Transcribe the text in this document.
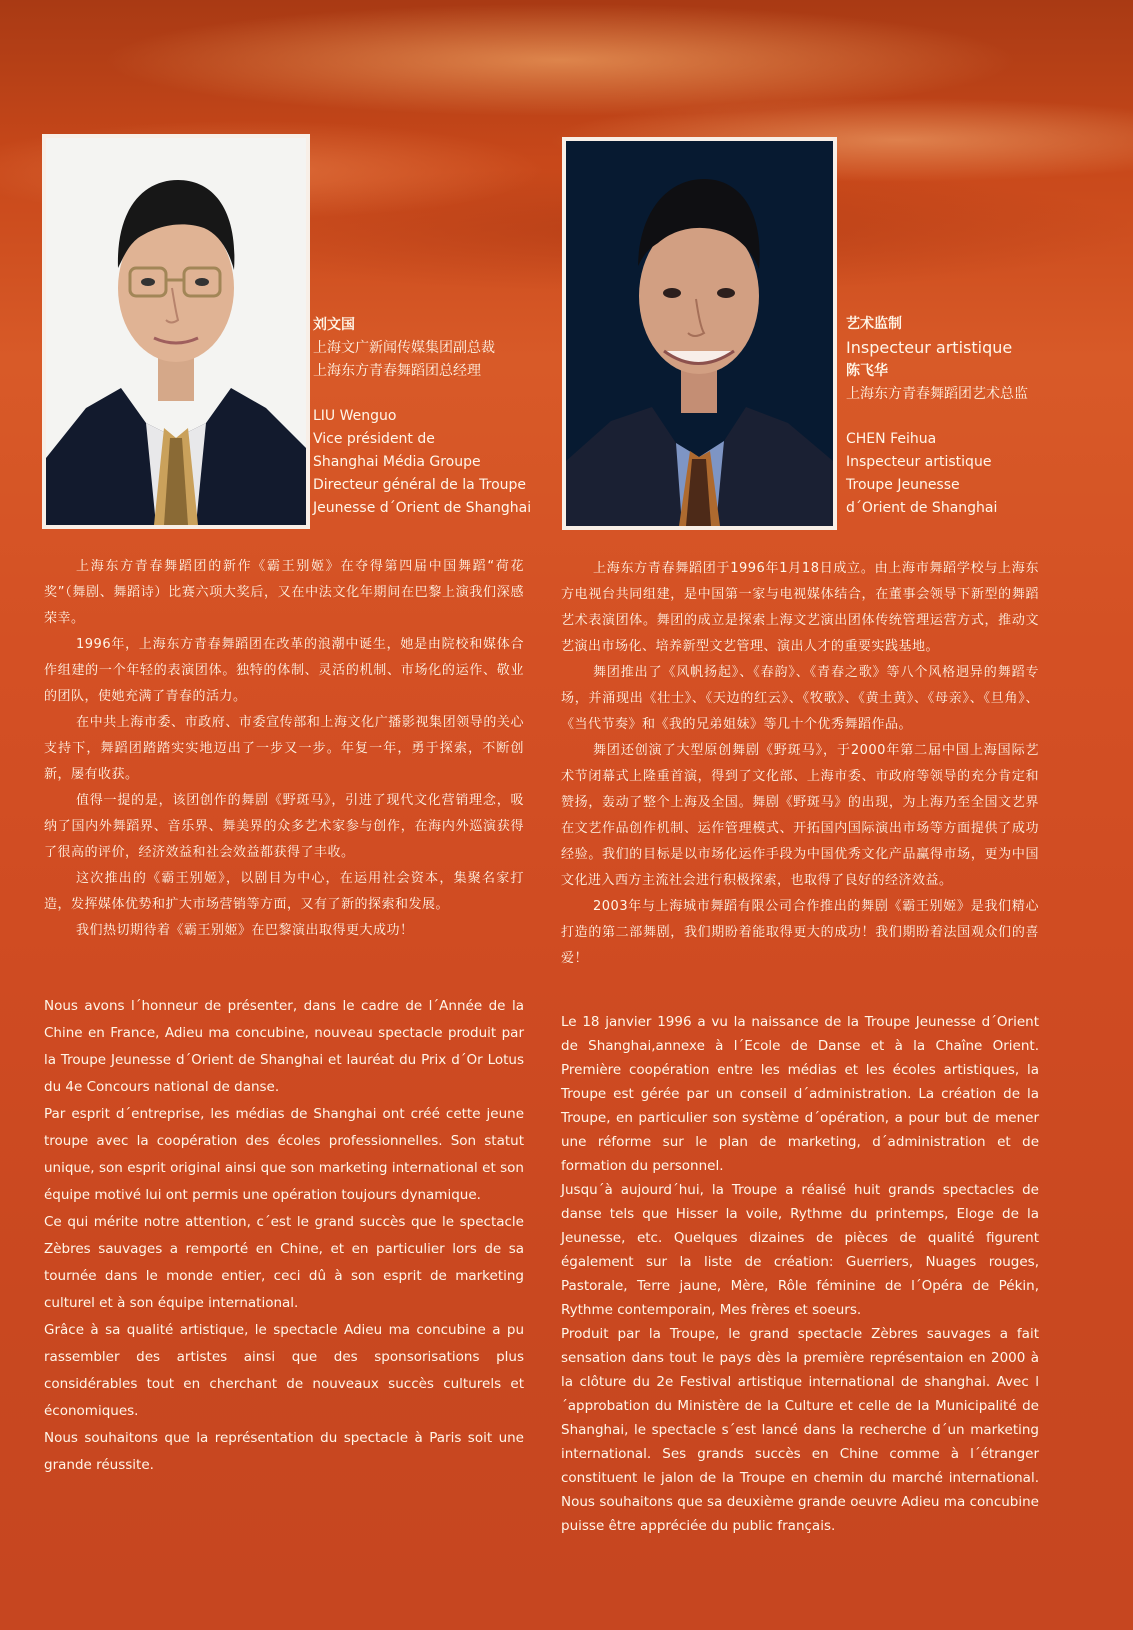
刘文国
上海文广新闻传媒集团副总裁
上海东方青春舞蹈团总经理
LIU Wenguo
Vice président de
Shanghai Média Groupe
Directeur général de la Troupe
Jeunesse d´Orient de Shanghai
艺术监制
Inspecteur artistique
陈飞华
上海东方青春舞蹈团艺术总监
CHEN Feihua
Inspecteur artistique
Troupe Jeunesse
d´Orient de Shanghai

上海东方青春舞蹈团的新作《霸王别姬》在夺得第四届中国舞蹈“荷花奖”（舞剧、舞蹈诗）比赛六项大奖后，又在中法文化年期间在巴黎上演我们深感荣幸。

1996年，上海东方青春舞蹈团在改革的浪潮中诞生，她是由院校和媒体合作组建的一个年轻的表演团体。独特的体制、灵活的机制、市场化的运作、敬业的团队，使她充满了青春的活力。

在中共上海市委、市政府、市委宣传部和上海文化广播影视集团领导的关心支持下，舞蹈团踏踏实实地迈出了一步又一步。年复一年，勇于探索，不断创新，屡有收获。

值得一提的是，该团创作的舞剧《野斑马》，引进了现代文化营销理念，吸纳了国内外舞蹈界、音乐界、舞美界的众多艺术家参与创作，在海内外巡演获得了很高的评价，经济效益和社会效益都获得了丰收。

这次推出的《霸王别姬》，以剧目为中心，在运用社会资本，集聚名家打造，发挥媒体优势和扩大市场营销等方面，又有了新的探索和发展。

我们热切期待着《霸王别姬》在巴黎演出取得更大成功！

上海东方青春舞蹈团于1996年1月18日成立。由上海市舞蹈学校与上海东方电视台共同组建，是中国第一家与电视媒体结合，在董事会领导下新型的舞蹈艺术表演团体。舞团的成立是探索上海文艺演出团体传统管理运营方式，推动文艺演出市场化、培养新型文艺管理、演出人才的重要实践基地。

舞团推出了《风帆扬起》、《春韵》、《青春之歌》等八个风格迥异的舞蹈专场，并涌现出《壮士》、《天边的红云》、《牧歌》、《黄土黄》、《母亲》、《旦角》、《当代节奏》和《我的兄弟姐妹》等几十个优秀舞蹈作品。

舞团还创演了大型原创舞剧《野斑马》，于2000年第二届中国上海国际艺术节闭幕式上隆重首演，得到了文化部、上海市委、市政府等领导的充分肯定和赞扬，轰动了整个上海及全国。舞剧《野斑马》的出现，为上海乃至全国文艺界在文艺作品创作机制、运作管理模式、开拓国内国际演出市场等方面提供了成功经验。我们的目标是以市场化运作手段为中国优秀文化产品赢得市场，更为中国文化进入西方主流社会进行积极探索，也取得了良好的经济效益。

2003年与上海城市舞蹈有限公司合作推出的舞剧《霸王别姬》是我们精心打造的第二部舞剧，我们期盼着能取得更大的成功！我们期盼着法国观众们的喜爱！

Nous avons l´honneur de présenter, dans le cadre de l´Année de la Chine en France, Adieu ma concubine, nouveau spectacle produit par la Troupe Jeunesse d´Orient de Shanghai et lauréat du Prix d´Or Lotus du 4e Concours national de danse.

Par esprit d´entreprise, les médias de Shanghai ont créé cette jeune troupe avec la coopération des écoles professionnelles. Son statut unique, son esprit original ainsi que son marketing international et son équipe motivé lui ont permis une opération toujours dynamique.

Ce qui mérite notre attention, c´est le grand succès que le spectacle Zèbres sauvages a remporté en Chine, et en particulier lors de sa tournée dans le monde entier, ceci dû à son esprit de marketing culturel et à son équipe international.

Grâce à sa qualité artistique, le spectacle Adieu ma concubine a pu rassembler des artistes ainsi que des sponsorisations plus considérables tout en cherchant de nouveaux succès culturels et économiques.

Nous souhaitons que la représentation du spectacle à Paris soit une grande réussite.

Le 18 janvier 1996 a vu la naissance de la Troupe Jeunesse d´Orient de Shanghai,annexe à l´Ecole de Danse et à la Chaîne Orient. Première coopération entre les médias et les écoles artistiques, la Troupe est gérée par un conseil d´administration. La création de la Troupe, en particulier son système d´opération, a pour but de mener une réforme sur le plan de marketing, d´administration et de formation du personnel.

Jusqu´à aujourd´hui, la Troupe a réalisé huit grands spectacles de danse tels que Hisser la voile, Rythme du printemps, Eloge de la Jeunesse, etc. Quelques dizaines de pièces de qualité figurent également sur la liste de création: Guerriers, Nuages rouges, Pastorale, Terre jaune, Mère, Rôle féminine de l´Opéra de Pékin, Rythme contemporain, Mes frères et soeurs.

Produit par la Troupe, le grand spectacle Zèbres sauvages a fait sensation dans tout le pays dès la première représentaion en 2000 à la clôture du 2e Festival artistique international de shanghai. Avec l´approbation du Ministère de la Culture et celle de la Municipalité de Shanghai, le spectacle s´est lancé dans la recherche d´un marketing international. Ses grands succès en Chine comme à l´étranger constituent le jalon de la Troupe en chemin du marché international. Nous souhaitons que sa deuxième grande oeuvre Adieu ma concubine puisse être appréciée du public français.
